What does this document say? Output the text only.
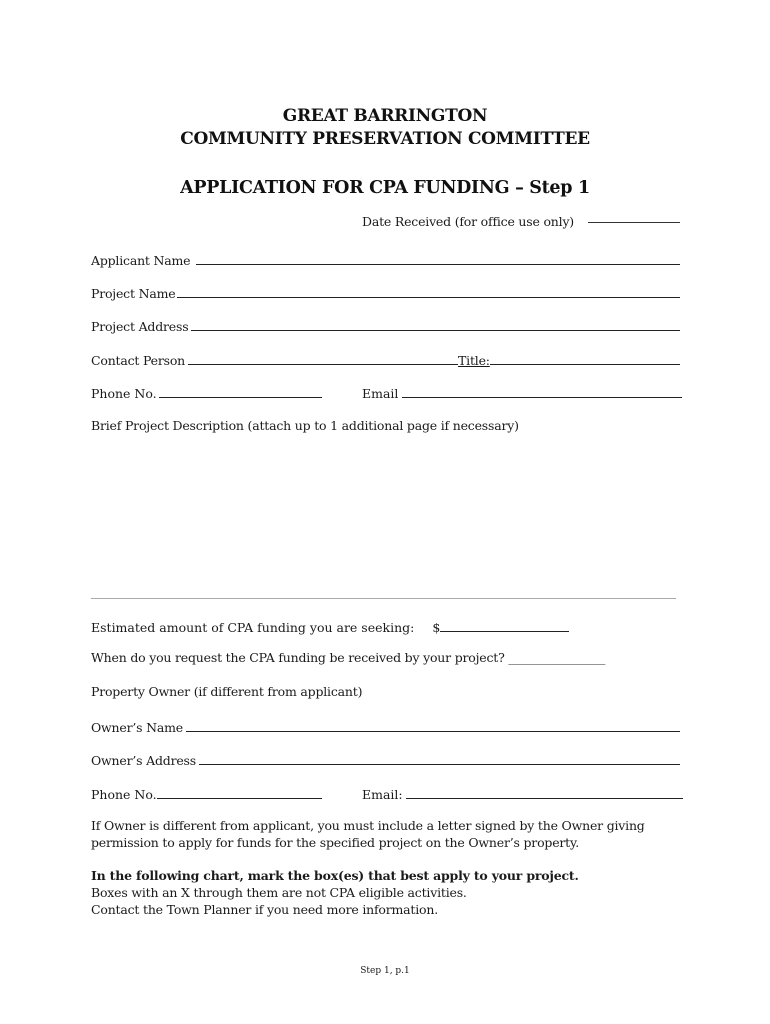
GREAT BARRINGTON
COMMUNITY PRESERVATION COMMITTEE
APPLICATION FOR CPA FUNDING – Step 1
Date Received (for office use only)
Applicant Name
Project Name
Project Address
Contact Person	Title:
Phone No.	Email
Brief Project Description (attach up to 1 additional page if necessary)
Estimated amount of CPA funding you are seeking: $
When do you request the CPA funding be received by your project? ________________
Property Owner (if different from applicant)
Owner’s Name
Owner’s Address
Phone No.	Email:
If Owner is different from applicant, you must include a letter signed by the Owner giving
permission to apply for funds for the specified project on the Owner’s property.
In the following chart, mark the box(es) that best apply to your project.
Boxes with an X through them are not CPA eligible activities.
Contact the Town Planner if you need more information.
Step 1, p.1
